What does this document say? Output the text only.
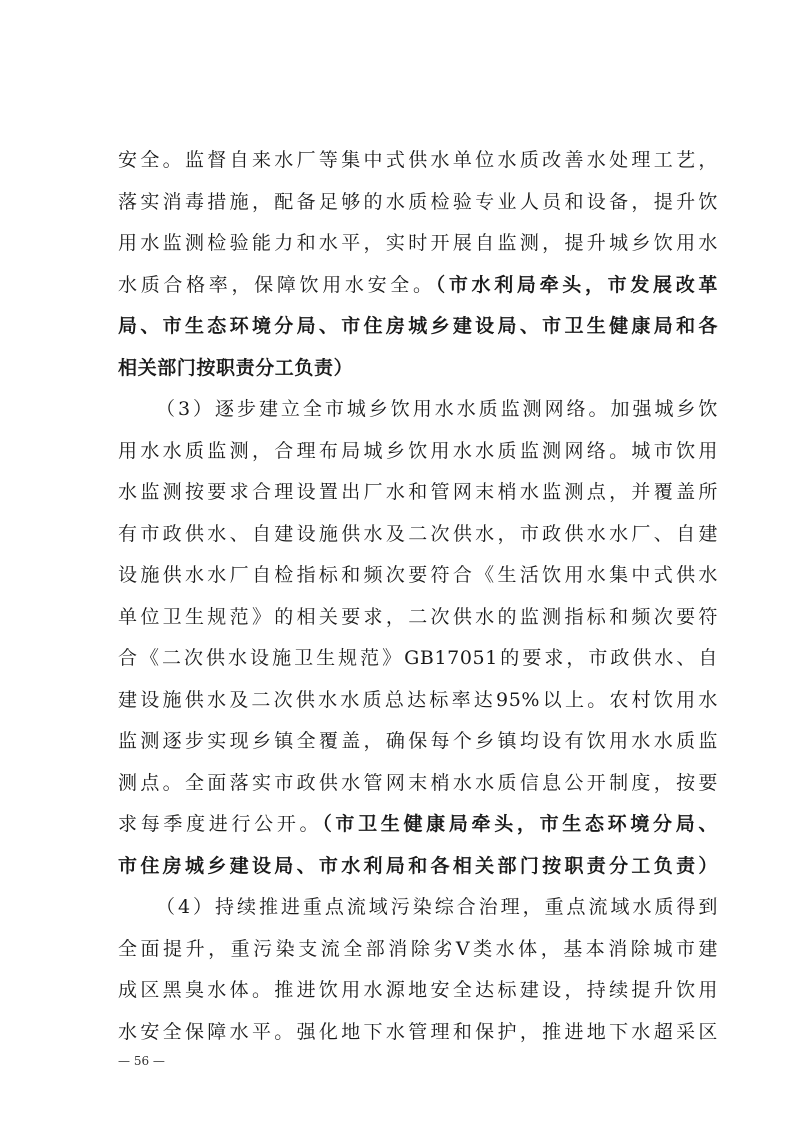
安全。监督自来水厂等集中式供水单位水质改善水处理工艺，
落实消毒措施，配备足够的水质检验专业人员和设备，提升饮
用水监测检验能力和水平，实时开展自监测，提升城乡饮用水
水质合格率，保障饮用水安全。（市水利局牵头，市发展改革
局、市生态环境分局、市住房城乡建设局、市卫生健康局和各
相关部门按职责分工负责）
（3）逐步建立全市城乡饮用水水质监测网络。加强城乡饮
用水水质监测，合理布局城乡饮用水水质监测网络。城市饮用
水监测按要求合理设置出厂水和管网末梢水监测点，并覆盖所
有市政供水、自建设施供水及二次供水，市政供水水厂、自建
设施供水水厂自检指标和频次要符合《生活饮用水集中式供水
单位卫生规范》的相关要求，二次供水的监测指标和频次要符
合《二次供水设施卫生规范》GB17051的要求，市政供水、自
建设施供水及二次供水水质总达标率达95%以上。农村饮用水
监测逐步实现乡镇全覆盖，确保每个乡镇均设有饮用水水质监
测点。全面落实市政供水管网末梢水水质信息公开制度，按要
求每季度进行公开。（市卫生健康局牵头，市生态环境分局、
市住房城乡建设局、市水利局和各相关部门按职责分工负责）
（4）持续推进重点流域污染综合治理，重点流域水质得到
全面提升，重污染支流全部消除劣V类水体，基本消除城市建
成区黑臭水体。推进饮用水源地安全达标建设，持续提升饮用
水安全保障水平。强化地下水管理和保护，推进地下水超采区
— 56 —
